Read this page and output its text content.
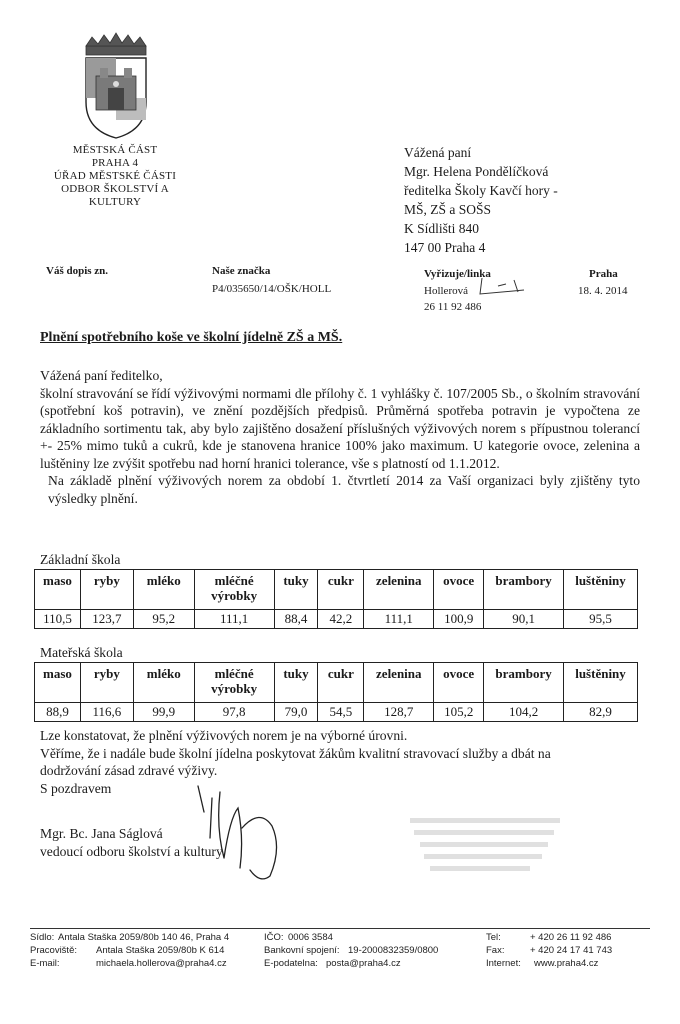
MĚSTSKÁ ČÁST
PRAHA 4
ÚŘAD MĚSTSKÉ ČÁSTI
ODBOR ŠKOLSTVÍ A
KULTURY
Vážená paní
Mgr. Helena Pondělíčková
ředitelka Školy Kavčí hory -
MŠ, ZŠ a SOŠS
K Sídlišti 840
147 00 Praha 4
Váš dopis zn.	Naše značka
P4/035650/14/OŠK/HOLL
Vyřizuje/linka
Hollerová
26 11 92 486
Praha
18. 4. 2014
Plnění spotřebního koše ve školní jídelně ZŠ a MŠ.

Vážená paní ředitelko,

školní stravování se řídí výživovými normami dle přílohy č. 1 vyhlášky č. 107/2005 Sb., o školním stravování (spotřební koš potravin), ve znění pozdějších předpisů. Průměrná spotřeba potravin je vypočtena ze základního sortimentu tak, aby bylo zajištěno dosažení příslušných výživových norem s přípustnou tolerancí +- 25% mimo tuků a cukrů, kde je stanovena hranice 100% jako maximum. U kategorie ovoce, zelenina a luštěniny lze zvýšit spotřebu nad horní hranici tolerance, vše s platností od 1.1.2012.

Na základě plnění výživových norem za období 1. čtvrtletí 2014 za Vaší organizaci byly zjištěny tyto výsledky plnění.

Základní škola
maso	ryby	mléko	mléčné výrobky	tuky	cukr	zelenina	ovoce	brambory	luštěniny
110,5	123,7	95,2	111,1	88,4	42,2	111,1	100,9	90,1	95,5
Mateřská škola
maso	ryby	mléko	mléčné výrobky	tuky	cukr	zelenina	ovoce	brambory	luštěniny
88,9	116,6	99,9	97,8	79,0	54,5	128,7	105,2	104,2	82,9
Lze konstatovat, že plnění výživových norem je na výborné úrovni.
Věříme, že i nadále bude školní jídelna poskytovat žákům kvalitní stravovací služby a dbát na
dodržování zásad zdravé výživy.
S pozdravem
Mgr. Bc. Jana Ságlová
vedoucí odboru školství a kultury
Sídlo: Antala Staška 2059/80b 140 46, Praha 4
Pracoviště: Antala Staška 2059/80b K 614
E-mail:	michaela.hollerova@praha4.cz
IČO: 0006 3584
Bankovní spojení: 19-2000832359/0800
E-podatelna: posta@praha4.cz
Tel:	+ 420 26 11 92 486
Fax:	+ 420 24 17 41 743
Internet: www.praha4.cz
